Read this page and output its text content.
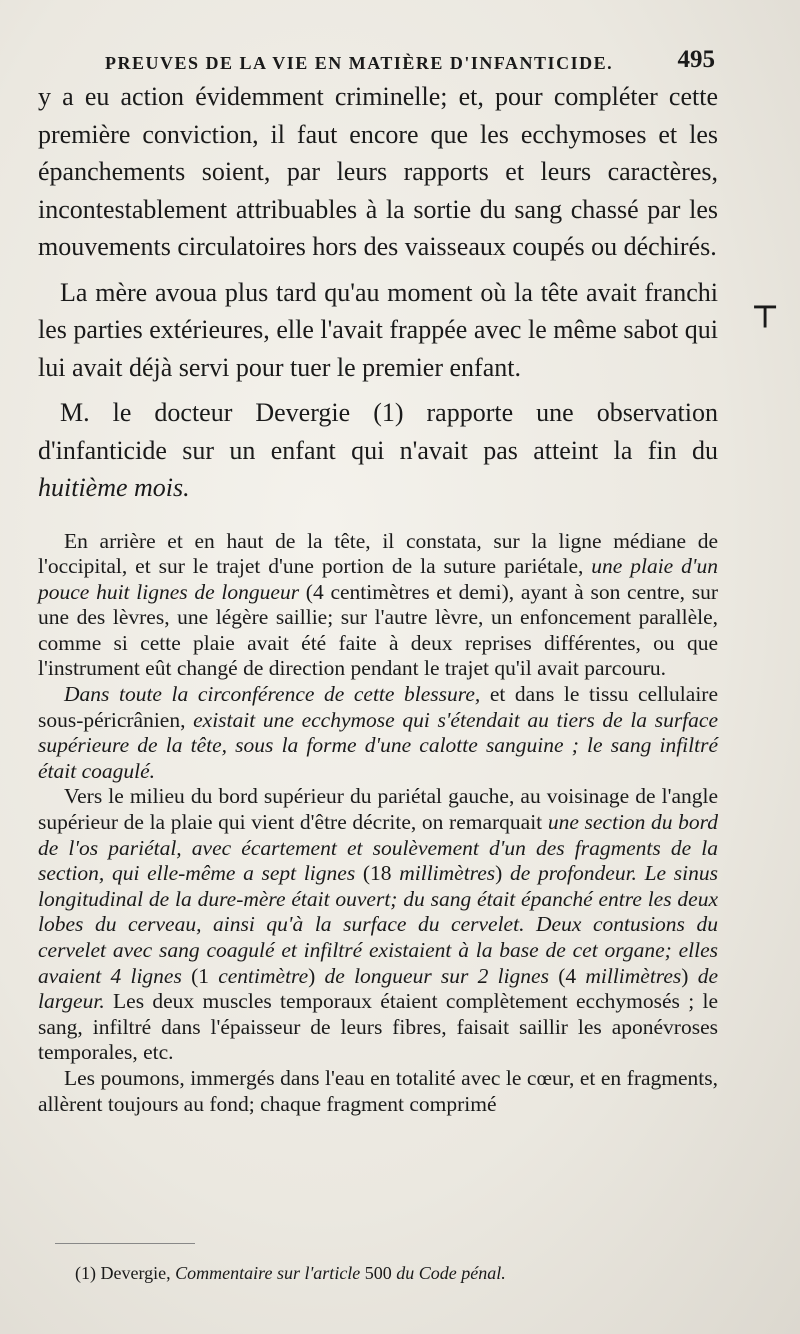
PREUVES DE LA VIE EN MATIÈRE D'INFANTICIDE.	495
⊤

y a eu action évidemment criminelle; et, pour compléter cette première conviction, il faut encore que les ecchymoses et les épanchements soient, par leurs rapports et leurs caractères, incontestablement attribuables à la sortie du sang chassé par les mouvements circulatoires hors des vaisseaux coupés ou déchirés.

La mère avoua plus tard qu'au moment où la tête avait franchi les parties extérieures, elle l'avait frappée avec le même sabot qui lui avait déjà servi pour tuer le premier enfant.

M. le docteur Devergie (1) rapporte une observation d'infanticide sur un enfant qui n'avait pas atteint la fin du huitième mois.

En arrière et en haut de la tête, il constata, sur la ligne médiane de l'occipital, et sur le trajet d'une portion de la suture pariétale, une plaie d'un pouce huit lignes de longueur (4 centimètres et demi), ayant à son centre, sur une des lèvres, une légère saillie; sur l'autre lèvre, un enfoncement parallèle, comme si cette plaie avait été faite à deux reprises différentes, ou que l'instrument eût changé de direction pendant le trajet qu'il avait parcouru.

Dans toute la circonférence de cette blessure, et dans le tissu cellulaire sous-péricrânien, existait une ecchymose qui s'étendait au tiers de la surface supérieure de la tête, sous la forme d'une calotte sanguine ; le sang infiltré était coagulé.

Vers le milieu du bord supérieur du pariétal gauche, au voisinage de l'angle supérieur de la plaie qui vient d'être décrite, on remarquait une section du bord de l'os pariétal, avec écartement et soulèvement d'un des fragments de la section, qui elle-même a sept lignes (18 millimètres) de profondeur. Le sinus longitudinal de la dure-mère était ouvert; du sang était épanché entre les deux lobes du cerveau, ainsi qu'à la surface du cervelet. Deux contusions du cervelet avec sang coagulé et infiltré existaient à la base de cet organe; elles avaient 4 lignes (1 centimètre) de longueur sur 2 lignes (4 millimètres) de largeur. Les deux muscles temporaux étaient complètement ecchymosés ; le sang, infiltré dans l'épaisseur de leurs fibres, faisait saillir les aponévroses temporales, etc.

Les poumons, immergés dans l'eau en totalité avec le cœur, et en fragments, allèrent toujours au fond; chaque fragment comprimé

(1) Devergie, Commentaire sur l'article 500 du Code pénal.
